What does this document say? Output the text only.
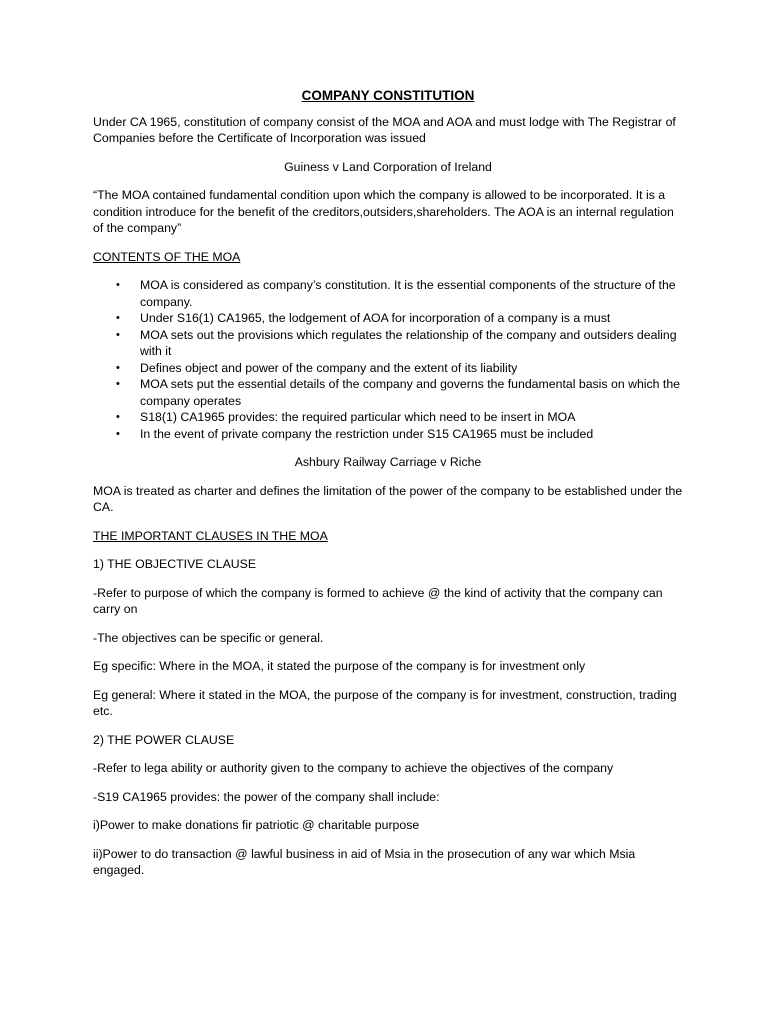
COMPANY CONSTITUTION

Under CA 1965, constitution of company consist of the MOA and AOA and must lodge with The Registrar of Companies before the Certificate of Incorporation was issued

Guiness v Land Corporation of Ireland

“The MOA contained fundamental condition upon which the company is allowed to be incorporated. It is a condition introduce for the benefit of the creditors,outsiders,shareholders. The AOA is an internal regulation of the company”

CONTENTS OF THE MOA

• MOA is considered as company’s constitution. It is the essential components of the structure of the company.
• Under S16(1) CA1965, the lodgement of AOA for incorporation of a company is a must
• MOA sets out the provisions which regulates the relationship of the company and outsiders dealing with it
• Defines object and power of the company and the extent of its liability
• MOA sets put the essential details of the company and governs the fundamental basis on which the company operates
• S18(1) CA1965 provides: the required particular which need to be insert in MOA
• In the event of private company the restriction under S15 CA1965 must be included

Ashbury Railway Carriage v Riche

MOA is treated as charter and defines the limitation of the power of the company to be established under the CA.

THE IMPORTANT CLAUSES IN THE MOA

1) THE OBJECTIVE CLAUSE

-Refer to purpose of which the company is formed to achieve @ the kind of activity that the company can carry on

-The objectives can be specific or general.

Eg specific: Where in the MOA, it stated the purpose of the company is for investment only

Eg general: Where it stated in the MOA, the purpose of the company is for investment, construction, trading etc.

2) THE POWER CLAUSE

-Refer to lega ability or authority given to the company to achieve the objectives of the company

-S19 CA1965 provides: the power of the company shall include:

i)Power to make donations fir patriotic @ charitable purpose

ii)Power to do transaction @ lawful business in aid of Msia in the prosecution of any war which Msia engaged.
